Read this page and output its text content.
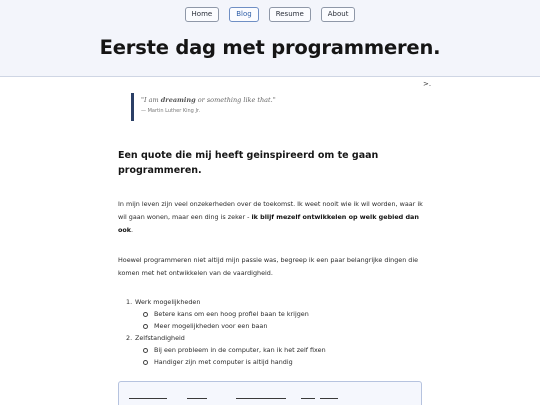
Home	Blog	Resume	About
Eerste dag met programmeren.
>.
"I am dreaming or something like that."
— Martin Luther King Jr.
Een quote die mij heeft geinspireerd om te gaan programmeren.

In mijn leven zijn veel onzekerheden over de toekomst. Ik weet nooit wie ik wil worden, waar ik wil gaan wonen, maar een ding is zeker - ik blijf mezelf ontwikkelen op welk gebied dan ook.

Hoewel programmeren niet altijd mijn passie was, begreep ik een paar belangrijke dingen die komen met het ontwikkelen van de vaardigheid.

1. Werk mogelijkheden
Betere kans om een hoog profiel baan te krijgen
Meer mogelijkheden voor een baan
2. Zelfstandigheid
Bij een probleem in de computer, kan ik het zelf fixen
Handiger zijn met computer is altijd handig
